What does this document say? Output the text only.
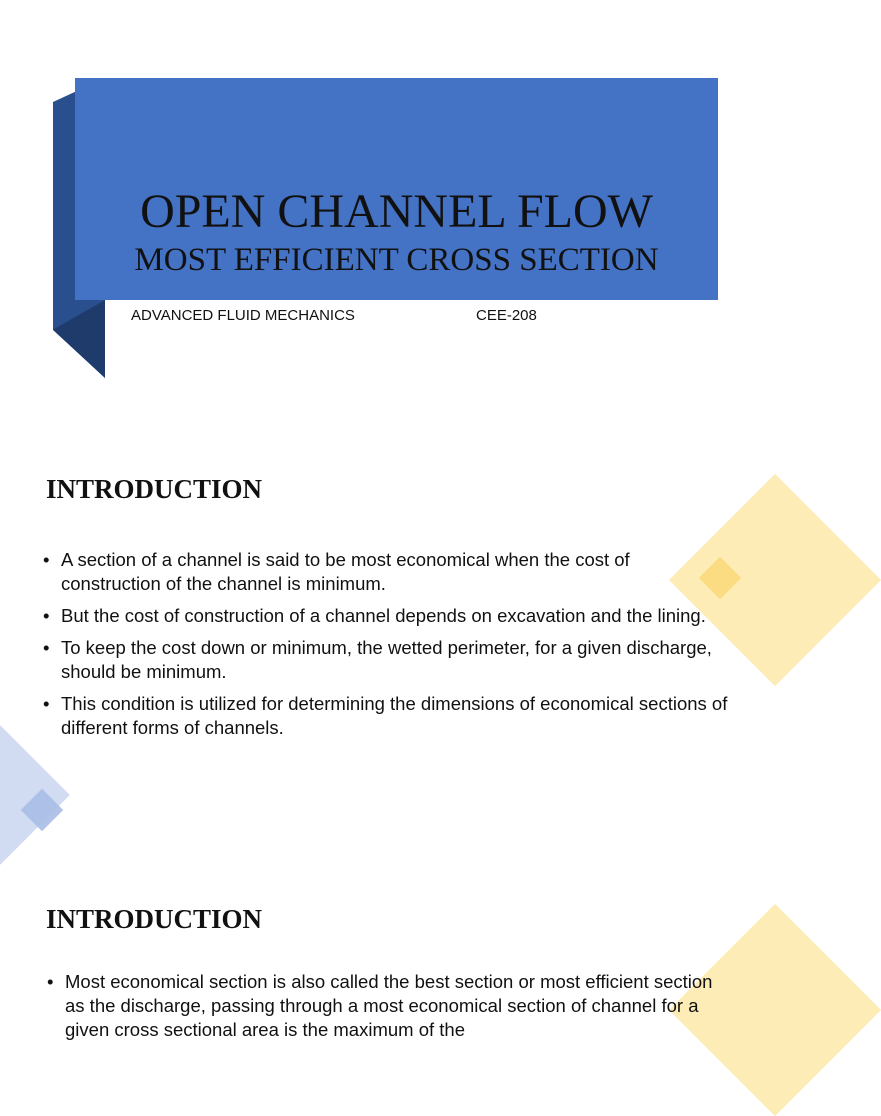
OPEN CHANNEL FLOW
MOST EFFICIENT CROSS SECTION
ADVANCED FLUID MECHANICS	CEE-208
INTRODUCTION
• A section of a channel is said to be most economical when the cost of construction of the channel is minimum.
• But the cost of construction of a channel depends on excavation and the lining.
• To keep the cost down or minimum, the wetted perimeter, for a given discharge, should be minimum.
• This condition is utilized for determining the dimensions of economical sections of different forms of channels.
INTRODUCTION
• Most economical section is also called the best section or most efficient section as the discharge, passing through a most economical section of channel for a given cross sectional area is the maximum of the
